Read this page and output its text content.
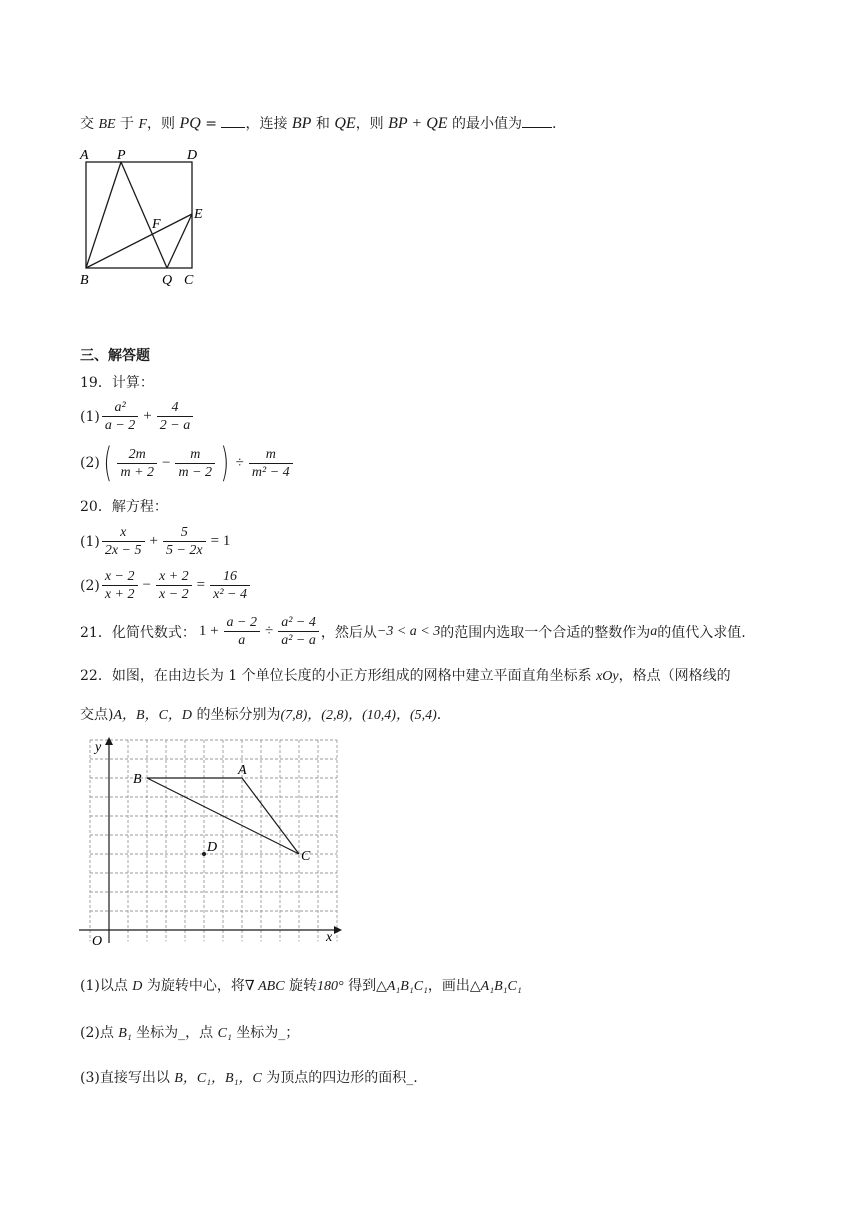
交 BE 于 F，则 PQ = ，连接 BP 和 QE，则 BP + QE 的最小值为 .
A P	D
E
F
B	Q C
三、解答题
19．计算：
$(1) \frac{\text{a²}}{a - 2} + \frac{4}{2 - a}$
(2) ( $\frac{2m}{m + 2} - \frac{m}{m - 2}$ ) ÷ $\frac{m}{\text{m² − 4}}$
20．解方程：
$(1) \frac{x}{2x - 5} + \frac{5}{5 - 2x} = 1$
$(2) \frac{x - 2}{x + 2} - \frac{x + 2}{x - 2} = \frac{16}{\text{x² − 4}}$
21．化简代数式： $1 + \frac{a - 2}{a} \div \frac{\text{a² − 4}}{\text{a² − a}}$ ，然后从 −3 < a < 3 的范围内选取一个合适的整数作为 a 的值代入求值.
22．如图，在由边长为 1 个单位长度的小正方形组成的网格中建立平面直角坐标系 xOy，格点（网格线的
交点)A，B，C，D 的坐标分别为(7,8)，(2,8)，(10,4)，(5,4).
y
x
O
A
B
C
D
(1)以点 D 为旋转中心，将∇ ABC 旋转180° 得到△A₁B₁C₁，画出△A₁B₁C₁
(2)点 B₁ 坐标为_，点 C₁ 坐标为_；
(3)直接写出以 B，C₁，B₁，C 为顶点的四边形的面积_.
